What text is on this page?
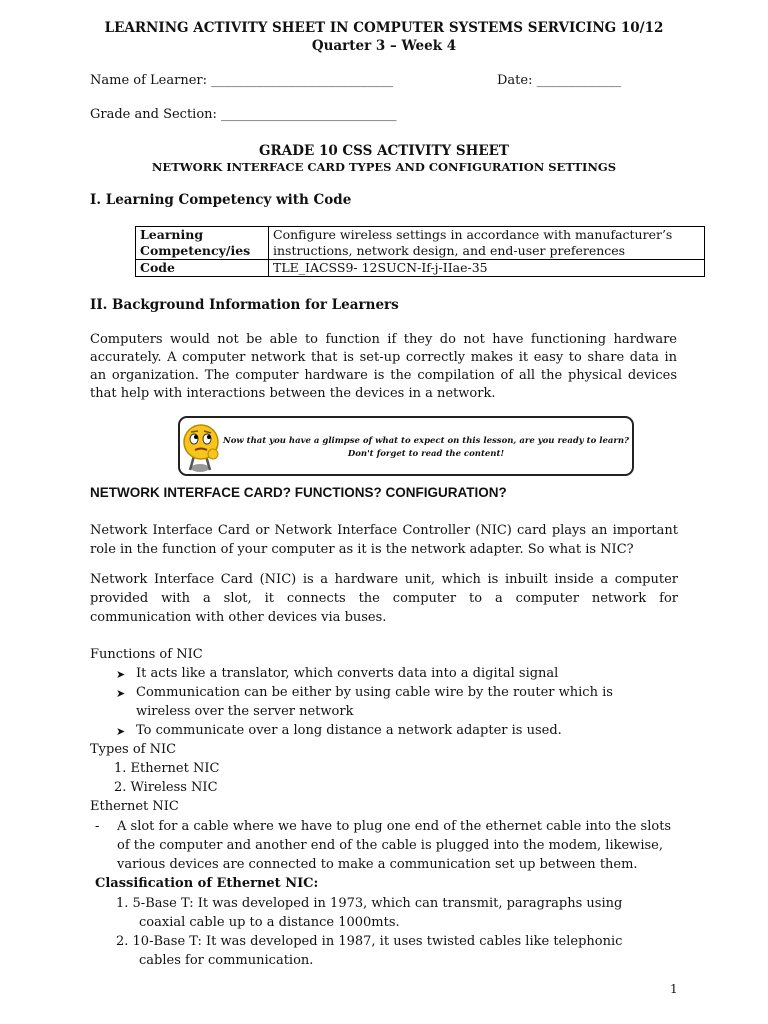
LEARNING ACTIVITY SHEET IN COMPUTER SYSTEMS SERVICING 10/12
Quarter 3 – Week 4
Name of Learner: ____________________________	Date: _____________
Grade and Section: ___________________________
GRADE 10 CSS ACTIVITY SHEET
NETWORK INTERFACE CARD TYPES AND CONFIGURATION SETTINGS
I. Learning Competency with Code
Learning
Competency/ies	Configure wireless settings in accordance with manufacturer’s
instructions, network design, and end-user preferences

Code	TLE_IACSS9- 12SUCN-If-j-IIae-35
II. Background Information for Learners
Computers would not be able to function if they do not have functioning hardware
accurately. A computer network that is set-up correctly makes it easy to share data in
an organization. The computer hardware is the compilation of all the physical devices
that help with interactions between the devices in a network.
Now that you have a glimpse of what to expect on this lesson, are you ready to learn?
Don't forget to read the content!
NETWORK INTERFACE CARD? FUNCTIONS? CONFIGURATION?
Network Interface Card or Network Interface Controller (NIC) card plays an important
role in the function of your computer as it is the network adapter. So what is NIC?
Network Interface Card (NIC) is a hardware unit, which is inbuilt inside a computer
provided with a slot, it connects the computer to a computer network for
communication with other devices via buses.
Functions of NIC
➤ It acts like a translator, which converts data into a digital signal
➤ Communication can be either by using cable wire by the router which is
wireless over the server network
➤ To communicate over a long distance a network adapter is used.
Types of NIC
1. Ethernet NIC
2. Wireless NIC
Ethernet NIC
- A slot for a cable where we have to plug one end of the ethernet cable into the slots
of the computer and another end of the cable is plugged into the modem, likewise,
various devices are connected to make a communication set up between them.
Classification of Ethernet NIC:
1. 5-Base T: It was developed in 1973, which can transmit, paragraphs using
coaxial cable up to a distance 1000mts.
2. 10-Base T: It was developed in 1987, it uses twisted cables like telephonic
cables for communication.
1
